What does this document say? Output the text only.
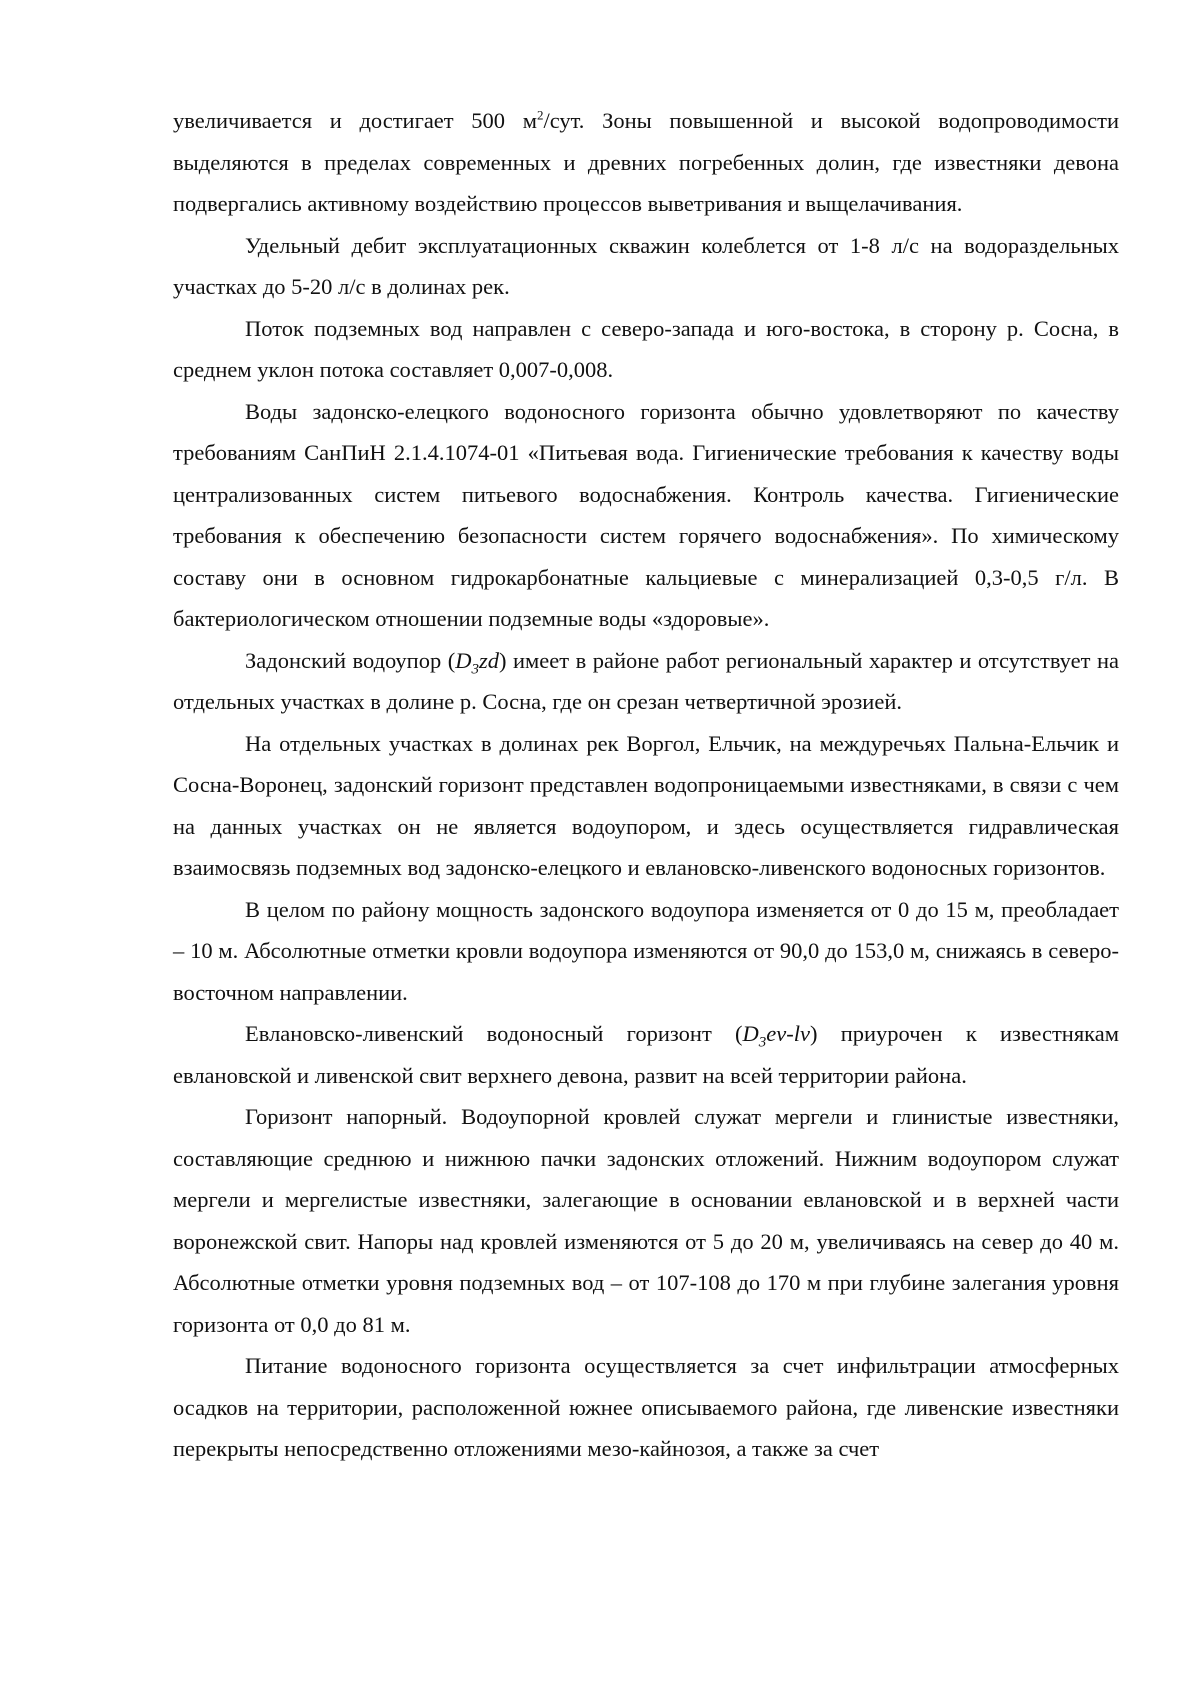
увеличивается и достигает 500 $м^2$/сут. Зоны повышенной и высокой водопроводимости выделяются в пределах современных и древних погребенных долин, где известняки девона подвергались активному воздействию процессов выветривания и выщелачивания.

Удельный дебит эксплуатационных скважин колеблется от 1-8 л/с на водораздельных участках до 5-20 л/с в долинах рек.

Поток подземных вод направлен с северо-запада и юго-востока, в сторону р. Сосна, в среднем уклон потока составляет 0,007-0,008.

Воды задонско-елецкого водоносного горизонта обычно удовлетворяют по качеству требованиям СанПиН 2.1.4.1074-01 «Питьевая вода. Гигиенические требования к качеству воды централизованных систем питьевого водоснабжения. Контроль качества. Гигиенические требования к обеспечению безопасности систем горячего водоснабжения». По химическому составу они в основном гидрокарбонатные кальциевые с минерализацией 0,3-0,5 г/л. В бактериологическом отношении подземные воды «здоровые».

Задонский водоупор $(D_3zd)$ имеет в районе работ региональный характер и отсутствует на отдельных участках в долине р. Сосна, где он срезан четвертичной эрозией.

На отдельных участках в долинах рек Воргол, Ельчик, на междуречьях Пальна-Ельчик и Сосна-Воронец, задонский горизонт представлен водопроницаемыми известняками, в связи с чем на данных участках он не является водоупором, и здесь осуществляется гидравлическая взаимосвязь подземных вод задонско-елецкого и евлановско-ливенского водоносных горизонтов.

В целом по району мощность задонского водоупора изменяется от 0 до 15 м, преобладает – 10 м. Абсолютные отметки кровли водоупора изменяются от 90,0 до 153,0 м, снижаясь в северо-восточном направлении.

Евлановско-ливенский водоносный горизонт $(D_3ev-lv)$ приурочен к известнякам евлановской и ливенской свит верхнего девона, развит на всей территории района.

Горизонт напорный. Водоупорной кровлей служат мергели и глинистые известняки, составляющие среднюю и нижнюю пачки задонских отложений. Нижним водоупором служат мергели и мергелистые известняки, залегающие в основании евлановской и в верхней части воронежской свит. Напоры над кровлей изменяются от 5 до 20 м, увеличиваясь на север до 40 м. Абсолютные отметки уровня подземных вод – от 107-108 до 170 м при глубине залегания уровня горизонта от 0,0 до 81 м.

Питание водоносного горизонта осуществляется за счет инфильтрации атмосферных осадков на территории, расположенной южнее описываемого района, где ливенские известняки перекрыты непосредственно отложениями мезо-кайнозоя, а также за счет
